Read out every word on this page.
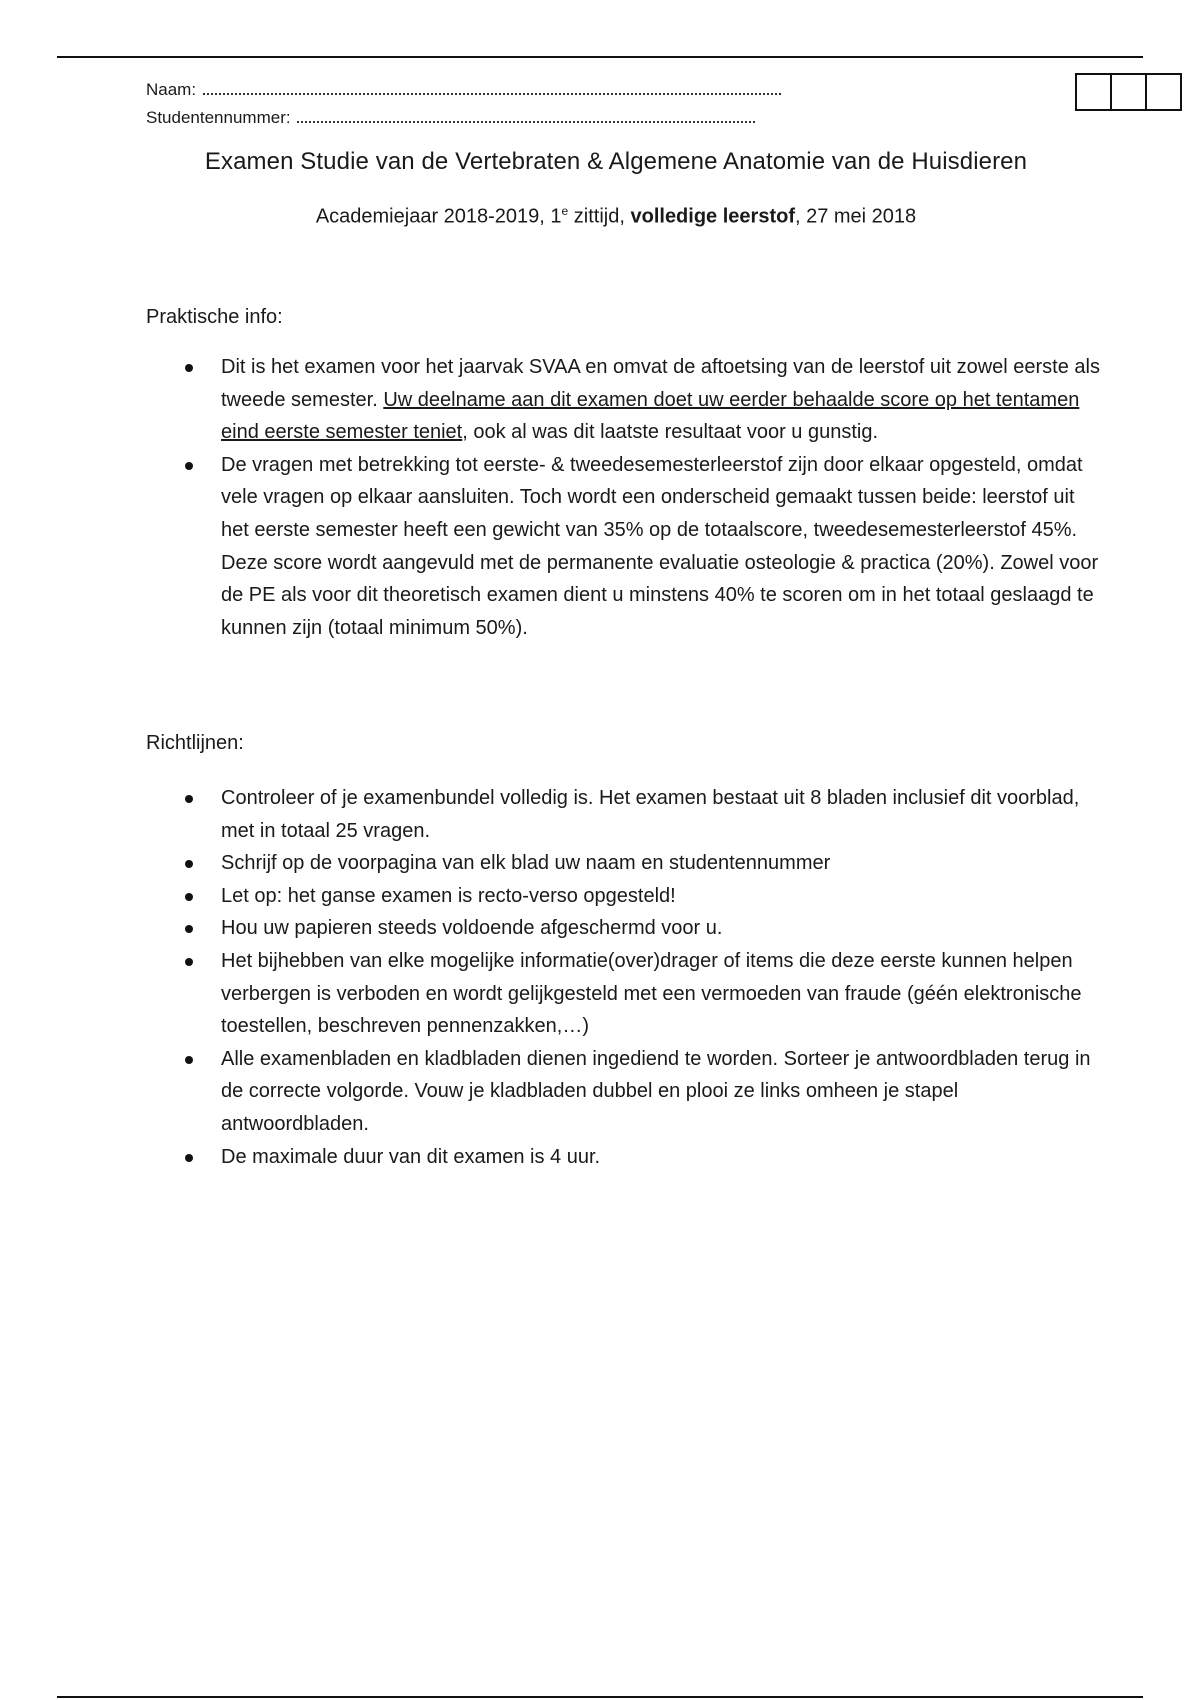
Naam:
Studentennummer:
Examen Studie van de Vertebraten & Algemene Anatomie van de Huisdieren
Academiejaar 2018-2019, 1e zittijd, volledige leerstof, 27 mei 2018
Praktische info:
Dit is het examen voor het jaarvak SVAA en omvat de aftoetsing van de leerstof uit zowel eerste als tweede semester. Uw deelname aan dit examen doet uw eerder behaalde score op het tentamen eind eerste semester teniet, ook al was dit laatste resultaat voor u gunstig.
De vragen met betrekking tot eerste- & tweedesemesterleerstof zijn door elkaar opgesteld, omdat vele vragen op elkaar aansluiten. Toch wordt een onderscheid gemaakt tussen beide: leerstof uit het eerste semester heeft een gewicht van 35% op de totaalscore, tweedesemesterleerstof 45%. Deze score wordt aangevuld met de permanente evaluatie osteologie & practica (20%). Zowel voor de PE als voor dit theoretisch examen dient u minstens 40% te scoren om in het totaal geslaagd te kunnen zijn (totaal minimum 50%).
Richtlijnen:
Controleer of je examenbundel volledig is. Het examen bestaat uit 8 bladen inclusief dit voorblad, met in totaal 25 vragen.
Schrijf op de voorpagina van elk blad uw naam en studentennummer
Let op: het ganse examen is recto-verso opgesteld!
Hou uw papieren steeds voldoende afgeschermd voor u.
Het bijhebben van elke mogelijke informatie(over)drager of items die deze eerste kunnen helpen verbergen is verboden en wordt gelijkgesteld met een vermoeden van fraude (géén elektronische toestellen, beschreven pennenzakken,…)
Alle examenbladen en kladbladen dienen ingediend te worden. Sorteer je antwoordbladen terug in de correcte volgorde. Vouw je kladbladen dubbel en plooi ze links omheen je stapel antwoordbladen.
De maximale duur van dit examen is 4 uur.
